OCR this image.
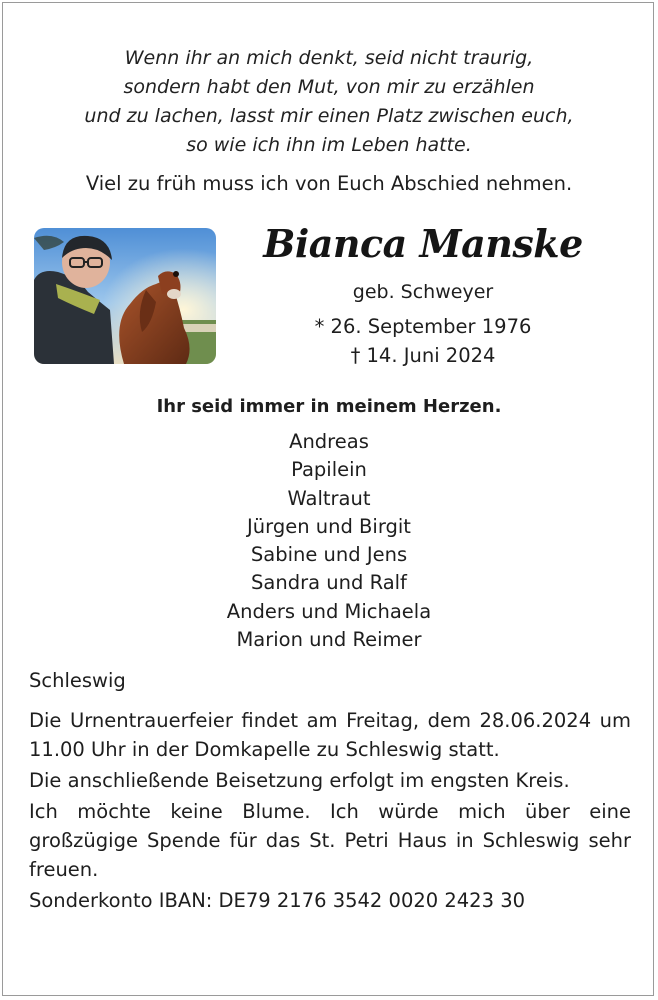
Wenn ihr an mich denkt, seid nicht traurig,
sondern habt den Mut, von mir zu erzählen
und zu lachen, lasst mir einen Platz zwischen euch,
so wie ich ihn im Leben hatte.
Viel zu früh muss ich von Euch Abschied nehmen.
Bianca Manske
geb. Schweyer
* 26. September 1976
† 14. Juni 2024
Ihr seid immer in meinem Herzen.
Andreas
Papilein
Waltraut
Jürgen und Birgit
Sabine und Jens
Sandra und Ralf
Anders und Michaela
Marion und Reimer
Schleswig
Die Urnentrauerfeier findet am Freitag, dem 28.06.2024 um 11.00 Uhr in der Domkapelle zu Schleswig statt.
Die anschließende Beisetzung erfolgt im engsten Kreis.
Ich möchte keine Blume. Ich würde mich über eine großzügige Spende für das St. Petri Haus in Schleswig sehr freuen.
Sonderkonto IBAN: DE79 2176 3542 0020 2423 30
